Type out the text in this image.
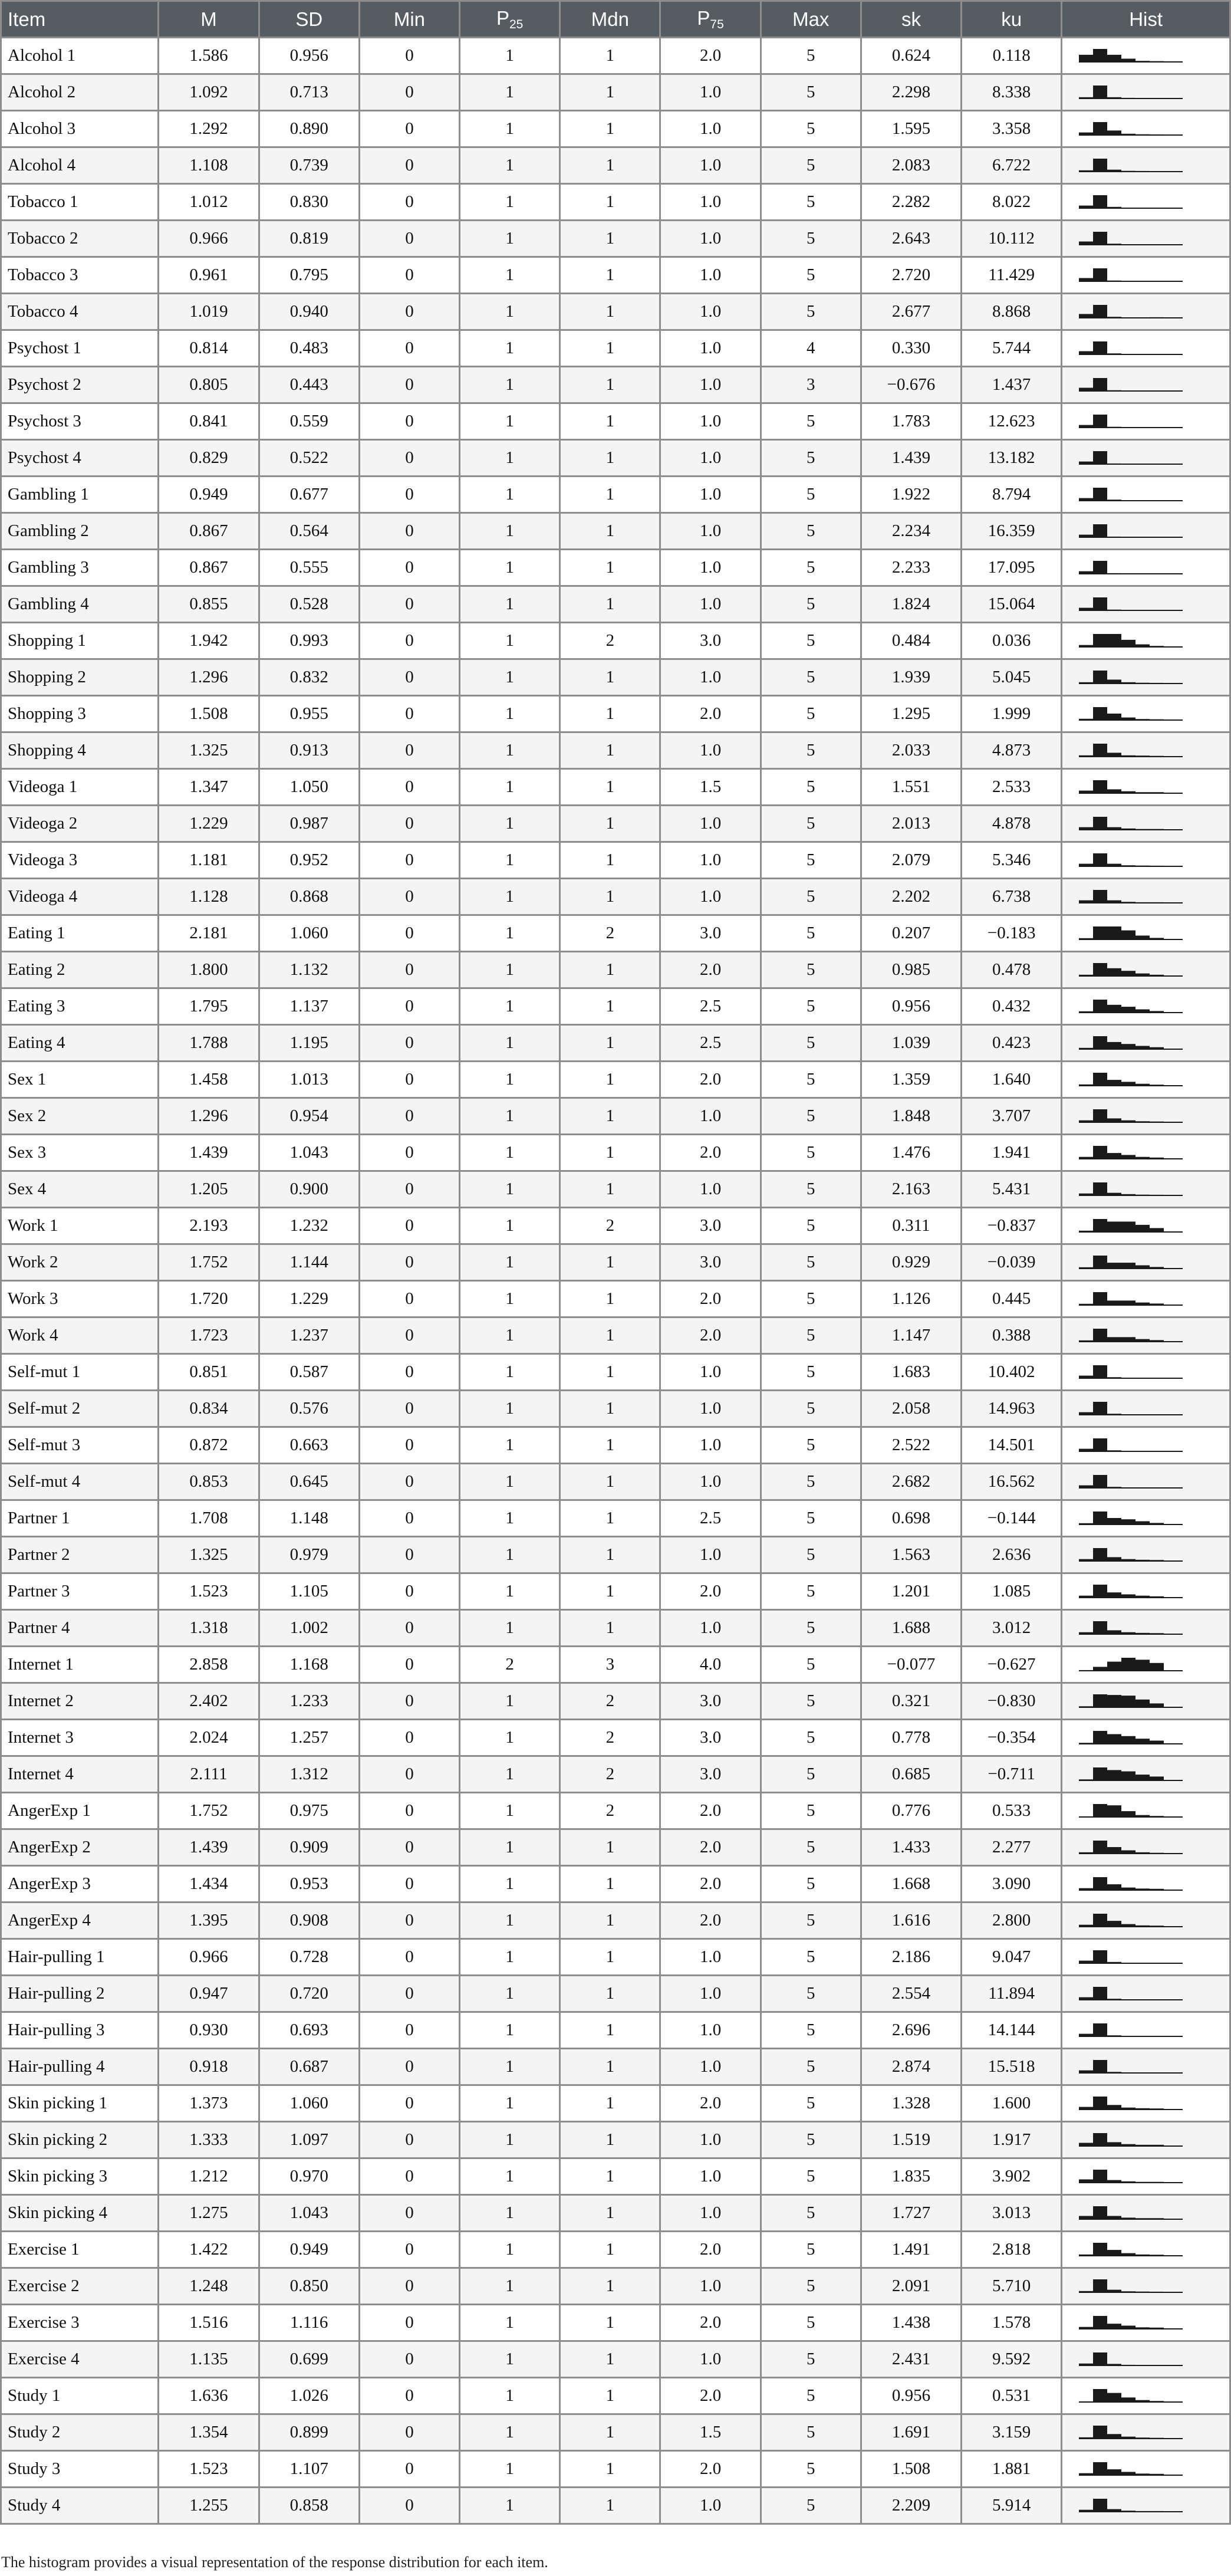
Item	M	SD	Min	$P_{25}$	Mdn	$P_{75}$	Max	sk	ku	Hist
Alcohol 1	1.586	0.956	0	1	1	2.0	5	0.624	0.118	

Alcohol 2	1.092	0.713	0	1	1	1.0	5	2.298	8.338	

Alcohol 3	1.292	0.890	0	1	1	1.0	5	1.595	3.358	

Alcohol 4	1.108	0.739	0	1	1	1.0	5	2.083	6.722	

Tobacco 1	1.012	0.830	0	1	1	1.0	5	2.282	8.022	

Tobacco 2	0.966	0.819	0	1	1	1.0	5	2.643	10.112	

Tobacco 3	0.961	0.795	0	1	1	1.0	5	2.720	11.429	

Tobacco 4	1.019	0.940	0	1	1	1.0	5	2.677	8.868	

Psychost 1	0.814	0.483	0	1	1	1.0	4	0.330	5.744	

Psychost 2	0.805	0.443	0	1	1	1.0	3	−0.676	1.437	

Psychost 3	0.841	0.559	0	1	1	1.0	5	1.783	12.623	

Psychost 4	0.829	0.522	0	1	1	1.0	5	1.439	13.182	

Gambling 1	0.949	0.677	0	1	1	1.0	5	1.922	8.794	

Gambling 2	0.867	0.564	0	1	1	1.0	5	2.234	16.359	

Gambling 3	0.867	0.555	0	1	1	1.0	5	2.233	17.095	

Gambling 4	0.855	0.528	0	1	1	1.0	5	1.824	15.064	

Shopping 1	1.942	0.993	0	1	2	3.0	5	0.484	0.036	

Shopping 2	1.296	0.832	0	1	1	1.0	5	1.939	5.045	

Shopping 3	1.508	0.955	0	1	1	2.0	5	1.295	1.999	

Shopping 4	1.325	0.913	0	1	1	1.0	5	2.033	4.873	

Videoga 1	1.347	1.050	0	1	1	1.5	5	1.551	2.533	

Videoga 2	1.229	0.987	0	1	1	1.0	5	2.013	4.878	

Videoga 3	1.181	0.952	0	1	1	1.0	5	2.079	5.346	

Videoga 4	1.128	0.868	0	1	1	1.0	5	2.202	6.738	

Eating 1	2.181	1.060	0	1	2	3.0	5	0.207	−0.183	

Eating 2	1.800	1.132	0	1	1	2.0	5	0.985	0.478	

Eating 3	1.795	1.137	0	1	1	2.5	5	0.956	0.432	

Eating 4	1.788	1.195	0	1	1	2.5	5	1.039	0.423	

Sex 1	1.458	1.013	0	1	1	2.0	5	1.359	1.640	

Sex 2	1.296	0.954	0	1	1	1.0	5	1.848	3.707	

Sex 3	1.439	1.043	0	1	1	2.0	5	1.476	1.941	

Sex 4	1.205	0.900	0	1	1	1.0	5	2.163	5.431	

Work 1	2.193	1.232	0	1	2	3.0	5	0.311	−0.837	

Work 2	1.752	1.144	0	1	1	3.0	5	0.929	−0.039	

Work 3	1.720	1.229	0	1	1	2.0	5	1.126	0.445	

Work 4	1.723	1.237	0	1	1	2.0	5	1.147	0.388	

Self-mut 1	0.851	0.587	0	1	1	1.0	5	1.683	10.402	

Self-mut 2	0.834	0.576	0	1	1	1.0	5	2.058	14.963	

Self-mut 3	0.872	0.663	0	1	1	1.0	5	2.522	14.501	

Self-mut 4	0.853	0.645	0	1	1	1.0	5	2.682	16.562	

Partner 1	1.708	1.148	0	1	1	2.5	5	0.698	−0.144	

Partner 2	1.325	0.979	0	1	1	1.0	5	1.563	2.636	

Partner 3	1.523	1.105	0	1	1	2.0	5	1.201	1.085	

Partner 4	1.318	1.002	0	1	1	1.0	5	1.688	3.012	

Internet 1	2.858	1.168	0	2	3	4.0	5	−0.077	−0.627	

Internet 2	2.402	1.233	0	1	2	3.0	5	0.321	−0.830	

Internet 3	2.024	1.257	0	1	2	3.0	5	0.778	−0.354	

Internet 4	2.111	1.312	0	1	2	3.0	5	0.685	−0.711	

AngerExp 1	1.752	0.975	0	1	2	2.0	5	0.776	0.533	

AngerExp 2	1.439	0.909	0	1	1	2.0	5	1.433	2.277	

AngerExp 3	1.434	0.953	0	1	1	2.0	5	1.668	3.090	

AngerExp 4	1.395	0.908	0	1	1	2.0	5	1.616	2.800	

Hair-pulling 1	0.966	0.728	0	1	1	1.0	5	2.186	9.047	

Hair-pulling 2	0.947	0.720	0	1	1	1.0	5	2.554	11.894	

Hair-pulling 3	0.930	0.693	0	1	1	1.0	5	2.696	14.144	

Hair-pulling 4	0.918	0.687	0	1	1	1.0	5	2.874	15.518	

Skin picking 1	1.373	1.060	0	1	1	2.0	5	1.328	1.600	

Skin picking 2	1.333	1.097	0	1	1	1.0	5	1.519	1.917	

Skin picking 3	1.212	0.970	0	1	1	1.0	5	1.835	3.902	

Skin picking 4	1.275	1.043	0	1	1	1.0	5	1.727	3.013	

Exercise 1	1.422	0.949	0	1	1	2.0	5	1.491	2.818	

Exercise 2	1.248	0.850	0	1	1	1.0	5	2.091	5.710	

Exercise 3	1.516	1.116	0	1	1	2.0	5	1.438	1.578	

Exercise 4	1.135	0.699	0	1	1	1.0	5	2.431	9.592	

Study 1	1.636	1.026	0	1	1	2.0	5	0.956	0.531	

Study 2	1.354	0.899	0	1	1	1.5	5	1.691	3.159	

Study 3	1.523	1.107	0	1	1	2.0	5	1.508	1.881	

Study 4	1.255	0.858	0	1	1	1.0	5	2.209	5.914	
The histogram provides a visual representation of the response distribution for each item.
